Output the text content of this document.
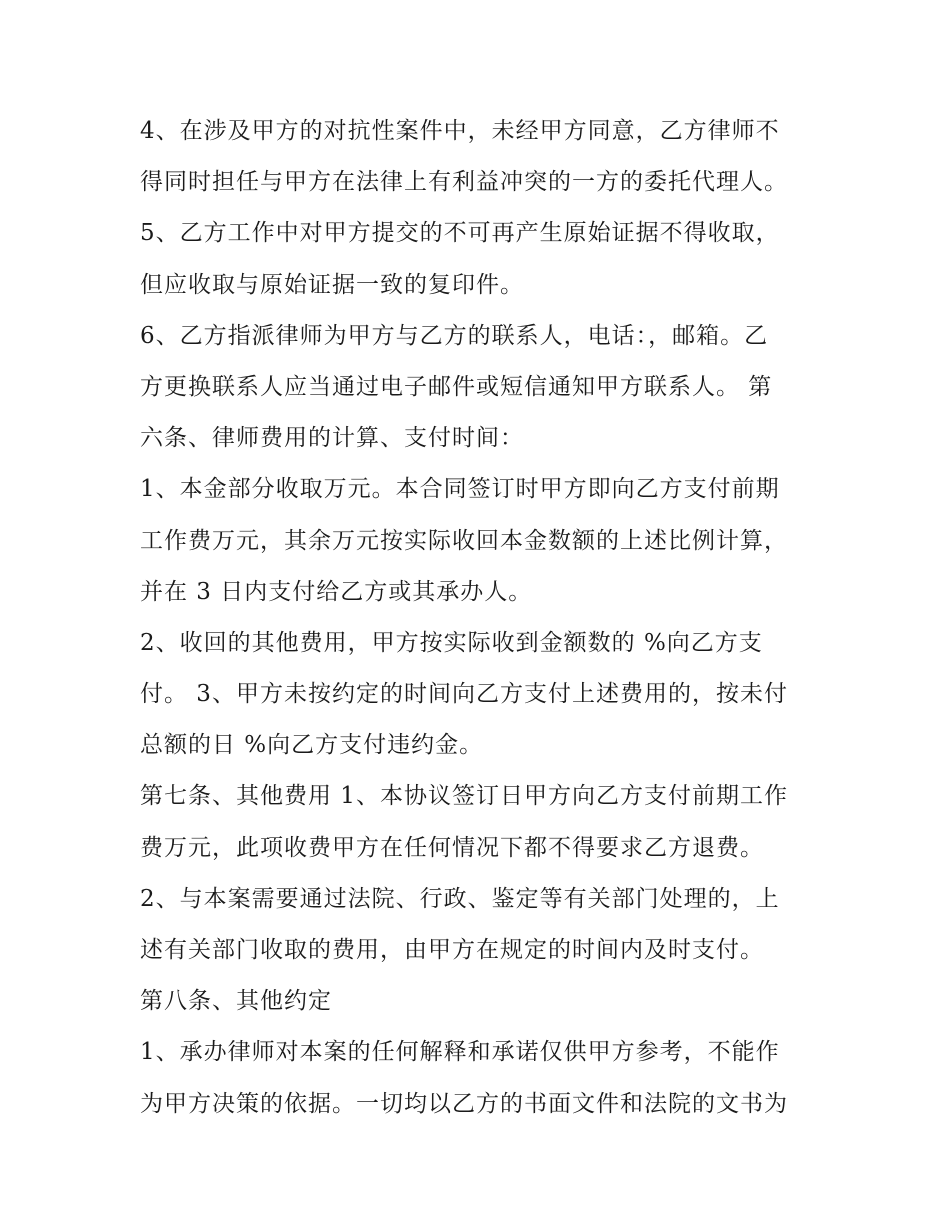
4、在涉及甲方的对抗性案件中，未经甲方同意，乙方律师不
得同时担任与甲方在法律上有利益冲突的一方的委托代理人。
5、乙方工作中对甲方提交的不可再产生原始证据不得收取，
但应收取与原始证据一致的复印件。
6、乙方指派律师为甲方与乙方的联系人，电话：，邮箱。乙
方更换联系人应当通过电子邮件或短信通知甲方联系人。 第
六条、律师费用的计算、支付时间：
1、本金部分收取万元。本合同签订时甲方即向乙方支付前期
工作费万元，其余万元按实际收回本金数额的上述比例计算，
并在 3 日内支付给乙方或其承办人。
2、收回的其他费用，甲方按实际收到金额数的 %向乙方支
付。 3、甲方未按约定的时间向乙方支付上述费用的，按未付
总额的日 %向乙方支付违约金。
第七条、其他费用 1、本协议签订日甲方向乙方支付前期工作
费万元，此项收费甲方在任何情况下都不得要求乙方退费。
2、与本案需要通过法院、行政、鉴定等有关部门处理的，上
述有关部门收取的费用，由甲方在规定的时间内及时支付。
第八条、其他约定
1、承办律师对本案的任何解释和承诺仅供甲方参考，不能作
为甲方决策的依据。一切均以乙方的书面文件和法院的文书为
